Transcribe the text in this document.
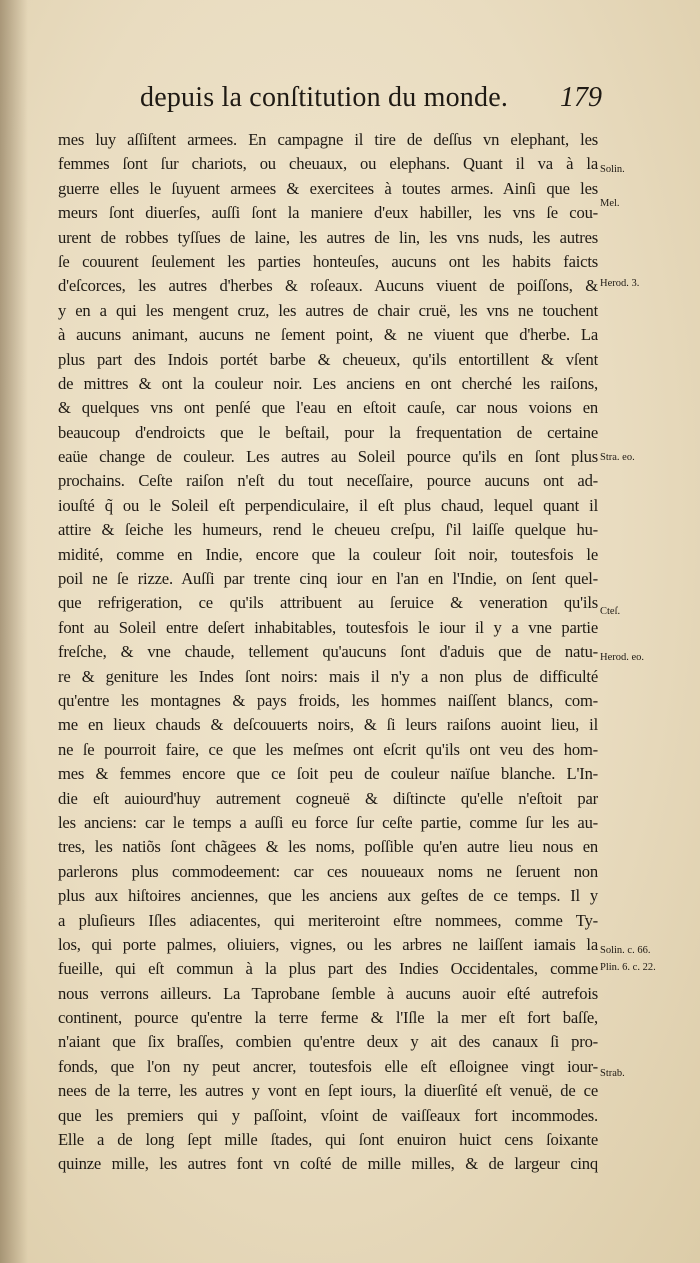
depuis la conſtitution du monde. 179
mes luy aſſiſtent armees. En campagne il tire de deſſus vn elephant, les
femmes ſont ſur chariots, ou cheuaux, ou elephans. Quant il va à la
guerre elles le ſuyuent armees & exercitees à toutes armes. Ainſi que les
meurs ſont diuerſes, auſſi ſont la maniere d'eux habiller, les vns ſe cou-
urent de robbes tyſſues de laine, les autres de lin, les vns nuds, les autres
ſe couurent ſeulement les parties honteuſes, aucuns ont les habits faicts
d'eſcorces, les autres d'herbes & roſeaux. Aucuns viuent de poiſſons, &
y en a qui les mengent cruz, les autres de chair cruë, les vns ne touchent
à aucuns animant, aucuns ne ſement point, & ne viuent que d'herbe. La
plus part des Indois portét barbe & cheueux, qu'ils entortillent & vſent
de mittres & ont la couleur noir. Les anciens en ont cherché les raiſons,
& quelques vns ont penſé que l'eau en eſtoit cauſe, car nous voions en
beaucoup d'endroicts que le beſtail, pour la frequentation de certaine
eaüe change de couleur. Les autres au Soleil pource qu'ils en ſont plus
prochains. Ceſte raiſon n'eſt du tout neceſſaire, pource aucuns ont ad-
iouſté q̃ ou le Soleil eſt perpendiculaire, il eſt plus chaud, lequel quant il
attire & ſeiche les humeurs, rend le cheueu creſpu, ſ'il laiſſe quelque hu-
midité, comme en Indie, encore que la couleur ſoit noir, toutesfois le
poil ne ſe rizze. Auſſi par trente cinq iour en l'an en l'Indie, on ſent quel-
que refrigeration, ce qu'ils attribuent au ſeruice & veneration qu'ils
font au Soleil entre deſert inhabitables, toutesfois le iour il y a vne partie
freſche, & vne chaude, tellement qu'aucuns ſont d'aduis que de natu-
re & geniture les Indes ſont noirs: mais il n'y a non plus de difficulté
qu'entre les montagnes & pays froids, les hommes naiſſent blancs, com-
me en lieux chauds & deſcouuerts noirs, & ſi leurs raiſons auoint lieu, il
ne ſe pourroit faire, ce que les meſmes ont eſcrit qu'ils ont veu des hom-
mes & femmes encore que ce ſoit peu de couleur naïſue blanche. L'In-
die eſt auiourd'huy autrement cogneuë & diſtincte qu'elle n'eſtoit par
les anciens: car le temps a auſſi eu force ſur ceſte partie, comme ſur les au-
tres, les natiõs ſont chãgees & les noms, poſſible qu'en autre lieu nous en
parlerons plus commodeement: car ces nouueaux noms ne ſeruent non
plus aux hiſtoires anciennes, que les anciens aux geſtes de ce temps. Il y
a pluſieurs Iſles adiacentes, qui meriteroint eſtre nommees, comme Ty-
los, qui porte palmes, oliuiers, vignes, ou les arbres ne laiſſent iamais la
fueille, qui eſt commun à la plus part des Indies Occidentales, comme
nous verrons ailleurs. La Taprobane ſemble à aucuns auoir eſté autrefois
continent, pource qu'entre la terre ferme & l'Iſle la mer eſt fort baſſe,
n'aiant que ſix braſſes, combien qu'entre deux y ait des canaux ſi pro-
fonds, que l'on ny peut ancrer, toutesfois elle eſt eſloignee vingt iour-
nees de la terre, les autres y vont en ſept iours, la diuerſité eſt venuë, de ce
que les premiers qui y paſſoint, vſoint de vaiſſeaux fort incommodes.
Elle a de long ſept mille ſtades, qui ſont enuiron huict cens ſoixante
quinze mille, les autres font vn coſté de mille milles, & de largeur cinq
Solin.
Mel.
Herod. 3.
Stra. eo.
Cteſ.
Herod. eo.
Solin. c. 66.
Plin. 6. c. 22.
Strab.
